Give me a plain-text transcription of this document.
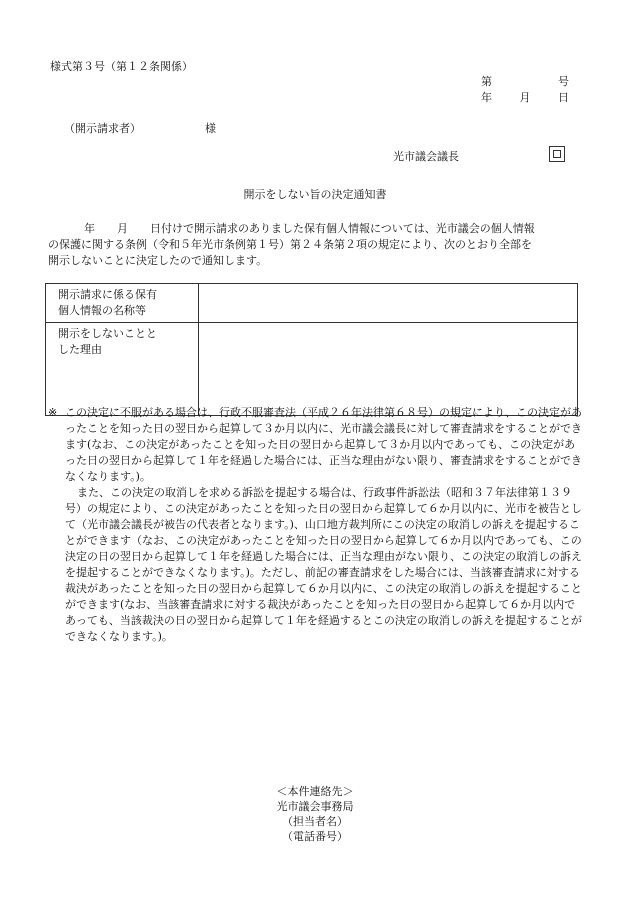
様式第３号（第１２条関係）
第	号
年	月	日
（開示請求者）	様
光市議会議長
開示をしない旨の決定通知書

年　　月　　日付けで開示請求のありました保有個人情報については、光市議会の個人情報

の保護に関する条例（令和５年光市条例第１号）第２４条第２項の規定により、次のとおり全部を

開示しないことに決定したので通知します。

開示請求に係る保有
個人情報の名称等	

開示をしないことと
した理由	

※ この決定に不服がある場合は、行政不服審査法（平成２６年法律第６８号）の規定により、この決定があったことを知った日の翌日から起算して３か月以内に、光市議会議長に対して審査請求をすることができます(なお、この決定があったことを知った日の翌日から起算して３か月以内であっても、この決定があった日の翌日から起算して１年を経過した場合には、正当な理由がない限り、審査請求をすることができなくなります。)。
また、この決定の取消しを求める訴訟を提起する場合は、行政事件訴訟法（昭和３７年法律第１３９号）の規定により、この決定があったことを知った日の翌日から起算して６か月以内に、光市を被告として（光市議会議長が被告の代表者となります。)、山口地方裁判所にこの決定の取消しの訴えを提起することができます（なお、この決定があったことを知った日の翌日から起算して６か月以内であっても、この決定の日の翌日から起算して１年を経過した場合には、正当な理由がない限り、この決定の取消しの訴えを提起することができなくなります。)。ただし、前記の審査請求をした場合には、当該審査請求に対する裁決があったことを知った日の翌日から起算して６か月以内に、この決定の取消しの訴えを提起することができます(なお、当該審査請求に対する裁決があったことを知った日の翌日から起算して６か月以内であっても、当該裁決の日の翌日から起算して１年を経過するとこの決定の取消しの訴えを提起することができなくなります。)。
＜本件連絡先＞
光市議会事務局
（担当者名）
（電話番号）
